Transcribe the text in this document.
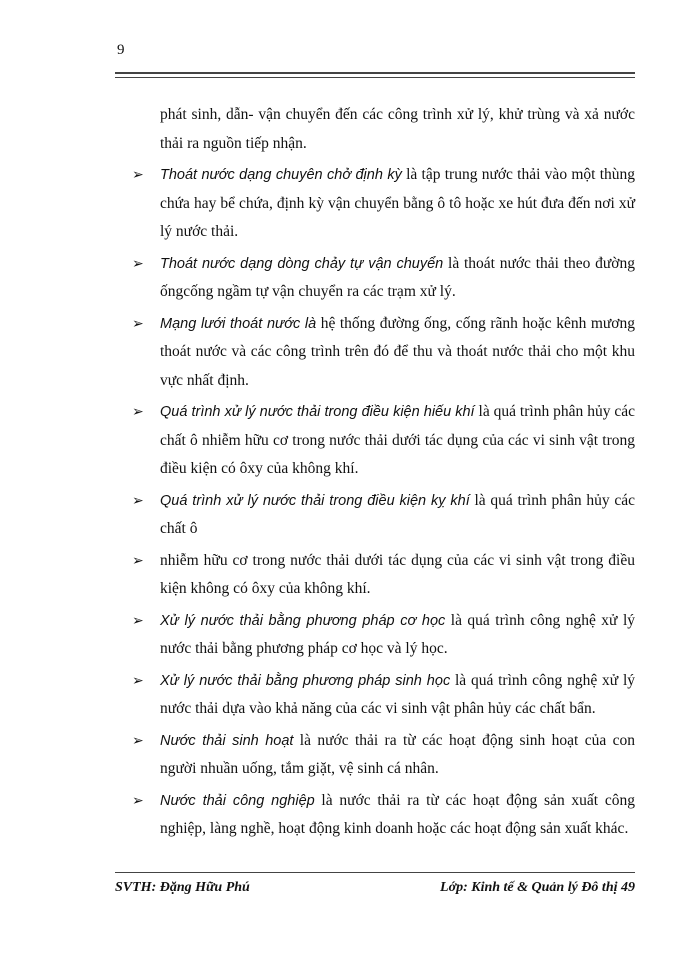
9

phát sinh, dẫn- vận chuyển đến các công trình xử lý, khử trùng và xả nước thải ra nguồn tiếp nhận.

➢ Thoát nước dạng chuyên chở định kỳ là tập trung nước thải vào một thùng chứa hay bể chứa, định kỳ vận chuyển bằng ô tô hoặc xe hút đưa đến nơi xử lý nước thải.

➢ Thoát nước dạng dòng chảy tự vận chuyển là thoát nước thải theo đường ốngcống ngầm tự vận chuyển ra các trạm xử lý.

➢ Mạng lưới thoát nước là hệ thống đường ống, cống rãnh hoặc kênh mương thoát nước và các công trình trên đó để thu và thoát nước thải cho một khu vực nhất định.

➢ Quá trình xử lý nước thải trong điều kiện hiếu khí là quá trình phân hủy các chất ô nhiễm hữu cơ trong nước thải dưới tác dụng của các vi sinh vật trong điều kiện có ôxy của không khí.

➢ Quá trình xử lý nước thải trong điều kiện kỵ khí là quá trình phân hủy các chất ô

➢ nhiễm hữu cơ trong nước thải dưới tác dụng của các vi sinh vật trong điều kiện không có ôxy của không khí.

➢ Xử lý nước thải bằng phương pháp cơ học là quá trình công nghệ xử lý nước thải bằng phương pháp cơ học và lý học.

➢ Xử lý nước thải bằng phương pháp sinh học là quá trình công nghệ xử lý nước thải dựa vào khả năng của các vi sinh vật phân hủy các chất bẩn.

➢ Nước thải sinh hoạt là nước thải ra từ các hoạt động sinh hoạt của con người nhuần uống, tắm giặt, vệ sinh cá nhân.

➢ Nước thải công nghiệp là nước thải ra từ các hoạt động sản xuất công nghiệp, làng nghề, hoạt động kinh doanh hoặc các hoạt động sản xuất khác.

SVTH: Đặng Hữu Phú	Lớp: Kinh tế & Quản lý Đô thị 49
